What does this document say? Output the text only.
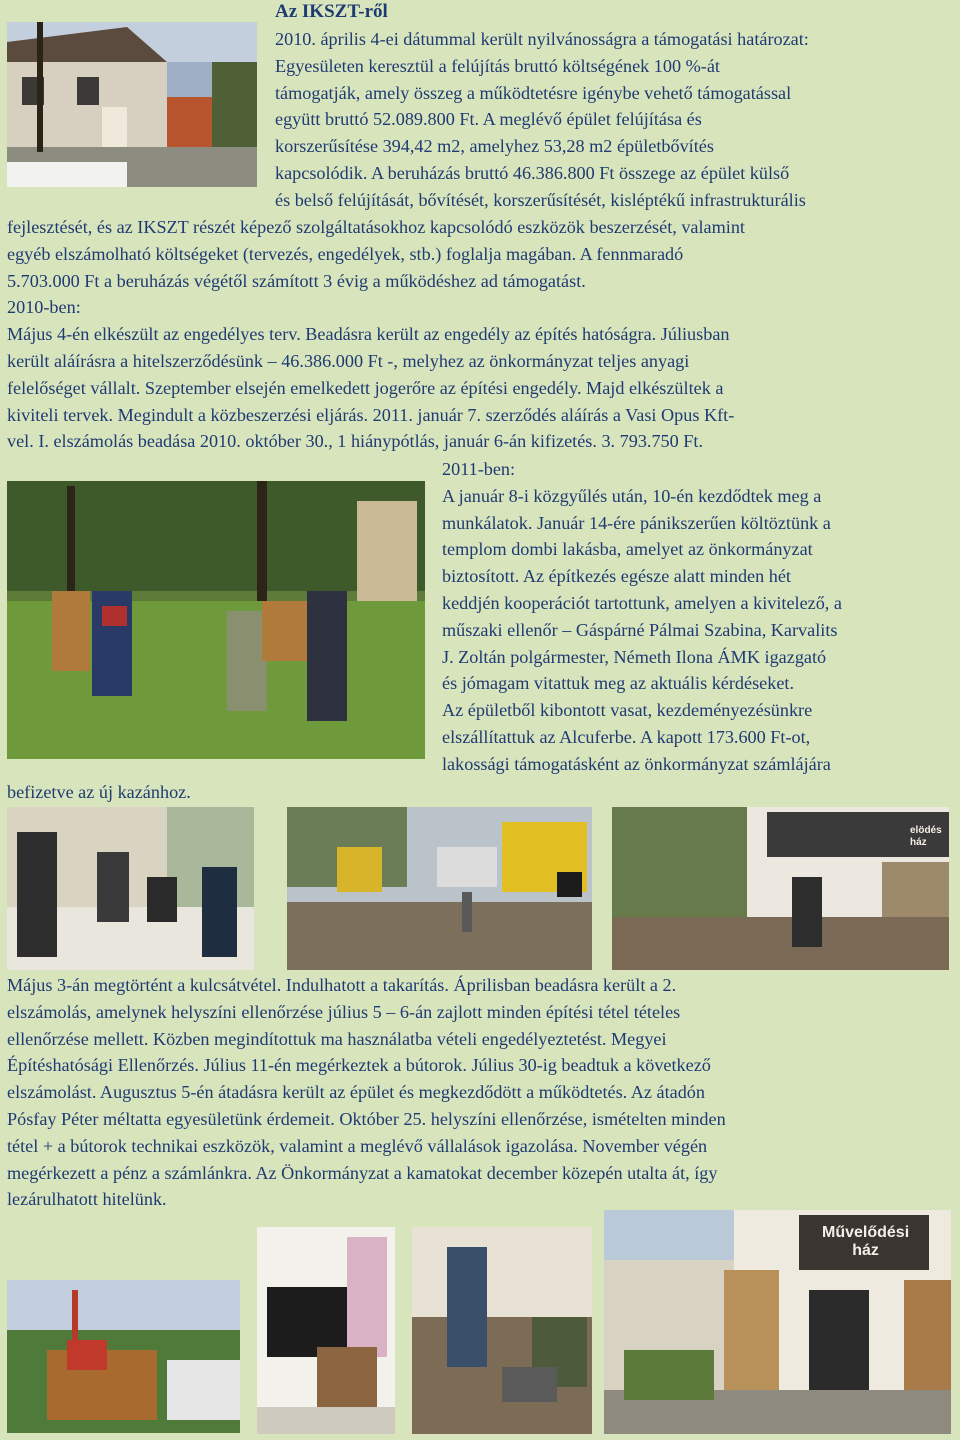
Az IKSZT-ről
2010. április 4-ei dátummal került nyilvánosságra a támogatási határozat:
Egyesületen keresztül a felújítás bruttó költségének 100 %-át
támogatják, amely összeg a működtetésre igénybe vehető támogatással
együtt bruttó 52.089.800 Ft. A meglévő épület felújítása és
korszerűsítése 394,42 m2, amelyhez 53,28 m2 épületbővítés
kapcsolódik. A beruházás bruttó 46.386.800 Ft összege az épület külső
és belső felújítását, bővítését, korszerűsítését, kisléptékű infrastrukturális
fejlesztését, és az IKSZT részét képező szolgáltatásokhoz kapcsolódó eszközök beszerzését, valamint
egyéb elszámolható költségeket (tervezés, engedélyek, stb.) foglalja magában. A fennmaradó
5.703.000 Ft a beruházás végétől számított 3 évig a működéshez ad támogatást.
2010-ben:
Május 4-én elkészült az engedélyes terv. Beadásra került az engedély az építés hatóságra. Júliusban
került aláírásra a hitelszerződésünk – 46.386.000 Ft -, melyhez az önkormányzat teljes anyagi
felelőséget vállalt. Szeptember elsején emelkedett jogerőre az építési engedély. Majd elkészültek a
kiviteli tervek. Megindult a közbeszerzési eljárás. 2011. január 7. szerződés aláírás a Vasi Opus Kft-
vel. I. elszámolás beadása 2010. október 30., 1 hiánypótlás, január 6-án kifizetés. 3. 793.750 Ft.
2011-ben:
A január 8-i közgyűlés után, 10-én kezdődtek meg a
munkálatok. Január 14-ére pánikszerűen költöztünk a
templom dombi lakásba, amelyet az önkormányzat
biztosított. Az építkezés egésze alatt minden hét
keddjén kooperációt tartottunk, amelyen a kivitelező, a
műszaki ellenőr – Gáspárné Pálmai Szabina, Karvalits
J. Zoltán polgármester, Németh Ilona ÁMK igazgató
és jómagam vitattuk meg az aktuális kérdéseket.
Az épületből kibontott vasat, kezdeményezésünkre
elszállítattuk az Alcuferbe. A kapott 173.600 Ft-ot,
lakossági támogatásként az önkormányzat számlájára
befizetve az új kazánhoz.
Május 3-án megtörtént a kulcsátvétel. Indulhatott a takarítás. Áprilisban beadásra került a 2.
elszámolás, amelynek helyszíni ellenőrzése július 5 – 6-án zajlott minden építési tétel tételes
ellenőrzése mellett. Közben megindítottuk ma használatba vételi engedélyeztetést. Megyei
Építéshatósági Ellenőrzés. Július 11-én megérkeztek a bútorok. Július 30-ig beadtuk a következő
elszámolást. Augusztus 5-én átadásra került az épület és megkezdődött a működtetés. Az átadón
Pósfay Péter méltatta egyesületünk érdemeit. Október 25. helyszíni ellenőrzése, ismételten minden
tétel + a bútorok technikai eszközök, valamint a meglévő vállalások igazolása. November végén
megérkezett a pénz a számlánkra. Az Önkormányzat a kamatokat december közepén utalta át, így
lezárulhatott hitelünk.
elödés
ház
Művelődési
ház
